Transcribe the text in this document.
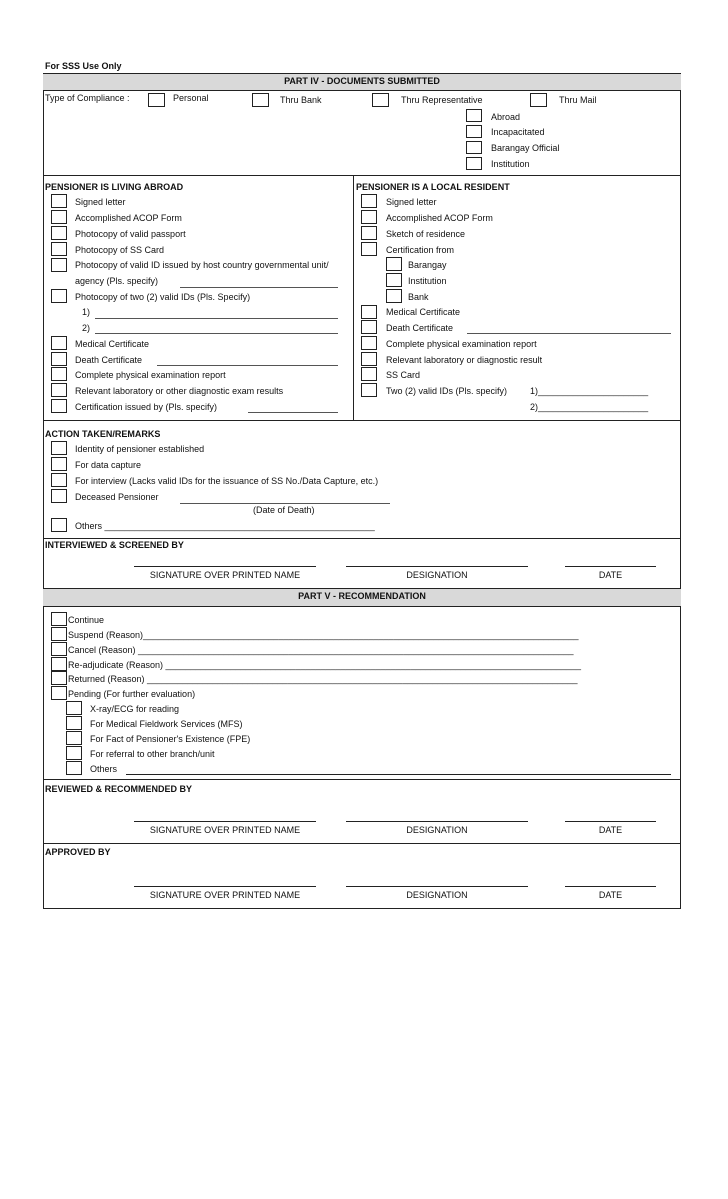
For SSS Use Only
PART IV - DOCUMENTS SUBMITTED
Type of Compliance :	Personal	Thru Bank	Thru Representative	Thru Mail
Abroad
Incapacitated
Barangay Official
Institution
PENSIONER IS LIVING ABROAD
Signed letter
Accomplished ACOP Form
Photocopy of valid passport
Photocopy of SS Card
Photocopy of valid ID issued by host country governmental unit/
agency (Pls. specify)
Photocopy of two (2) valid IDs (Pls. Specify)
1)
2)
Medical Certificate
Death Certificate
Complete physical examination report
Relevant laboratory or other diagnostic exam results
Certification issued by (Pls. specify)
PENSIONER IS A LOCAL RESIDENT
Signed letter
Accomplished ACOP Form
Sketch of residence
Certification from
Barangay
Institution
Bank
Medical Certificate
Death Certificate
Complete physical examination report
Relevant laboratory or diagnostic result
SS Card
Two (2) valid IDs (Pls. specify)	1)______________________
2)______________________
ACTION TAKEN/REMARKS
Identity of pensioner established
For data capture
For interview (Lacks valid IDs for the issuance of SS No./Data Capture, etc.)
Deceased Pensioner
(Date of Death)
Others ______________________________________________________
INTERVIEWED & SCREENED BY
SIGNATURE OVER PRINTED NAME	DESIGNATION	DATE
PART V - RECOMMENDATION
Continue
Suspend (Reason)_______________________________________________________________________________________
Cancel (Reason) _______________________________________________________________________________________
Re-adjudicate (Reason) ___________________________________________________________________________________
Returned (Reason) ______________________________________________________________________________________
Pending (For further evaluation)
X-ray/ECG for reading
For Medical Fieldwork Services (MFS)
For Fact of Pensioner's Existence (FPE)
For referral to other branch/unit
Others
REVIEWED & RECOMMENDED BY
SIGNATURE OVER PRINTED NAME	DESIGNATION	DATE
APPROVED BY
SIGNATURE OVER PRINTED NAME	DESIGNATION	DATE
